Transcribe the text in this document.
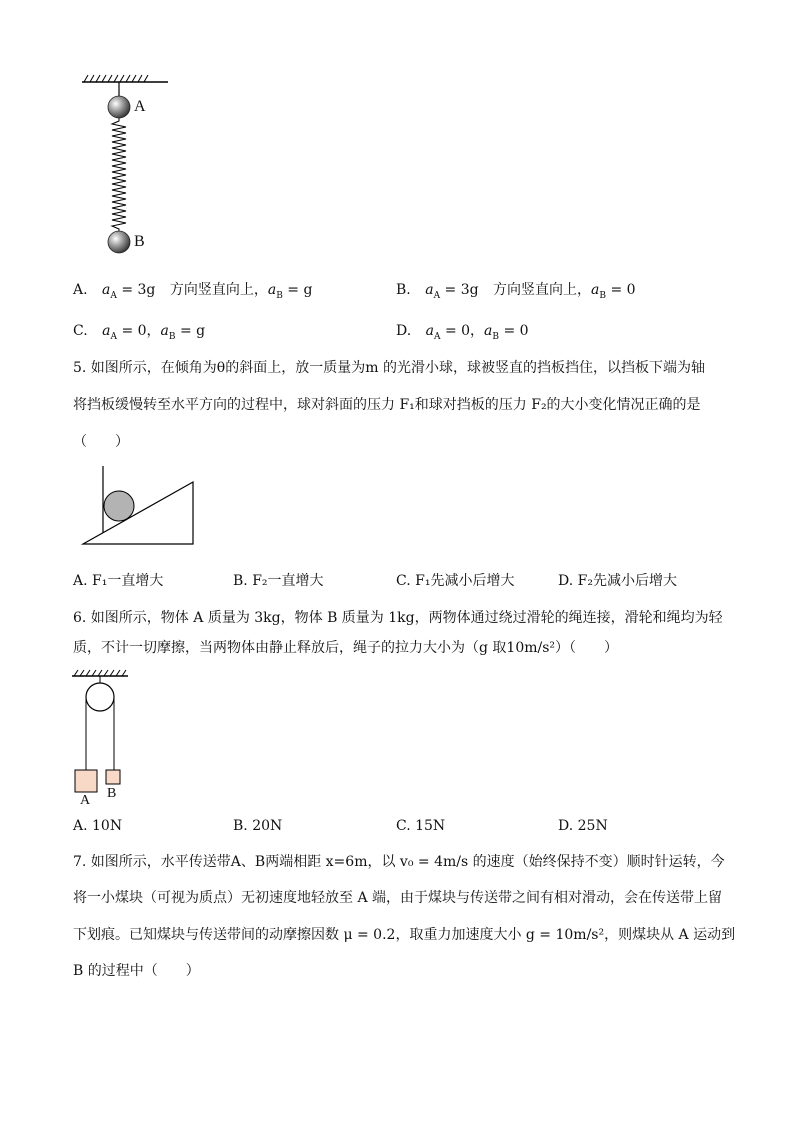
A
B
A. $a_A = 3g$ 方向竖直向上，$a_B = g$	B. $a_A = 3g$ 方向竖直向上，$a_B = 0$
C. $a_A = 0$，$a_B = g$	D. $a_A = 0$，$a_B = 0$
5. 如图所示，在倾角为θ的斜面上，放一质量为m 的光滑小球，球被竖直的挡板挡住，以挡板下端为轴
将挡板缓慢转至水平方向的过程中，球对斜面的压力 F₁和球对挡板的压力 F₂的大小变化情况正确的是
（　　）
A. F₁一直增大	B. F₂一直增大	C. F₁先减小后增大	D. F₂先减小后增大
6. 如图所示，物体 A 质量为 3kg，物体 B 质量为 1kg，两物体通过绕过滑轮的绳连接，滑轮和绳均为轻
质，不计一切摩擦，当两物体由静止释放后，绳子的拉力大小为（g 取10m/s²）（　　）
A B
A. 10N	B. 20N	C. 15N	D. 25N
7. 如图所示，水平传送带A、B两端相距 x=6m，以 v₀ = 4m/s 的速度（始终保持不变）顺时针运转，今
将一小煤块（可视为质点）无初速度地轻放至 A 端，由于煤块与传送带之间有相对滑动，会在传送带上留
下划痕。已知煤块与传送带间的动摩擦因数 μ = 0.2，取重力加速度大小 g = 10m/s²，则煤块从 A 运动到
B 的过程中（　　）
